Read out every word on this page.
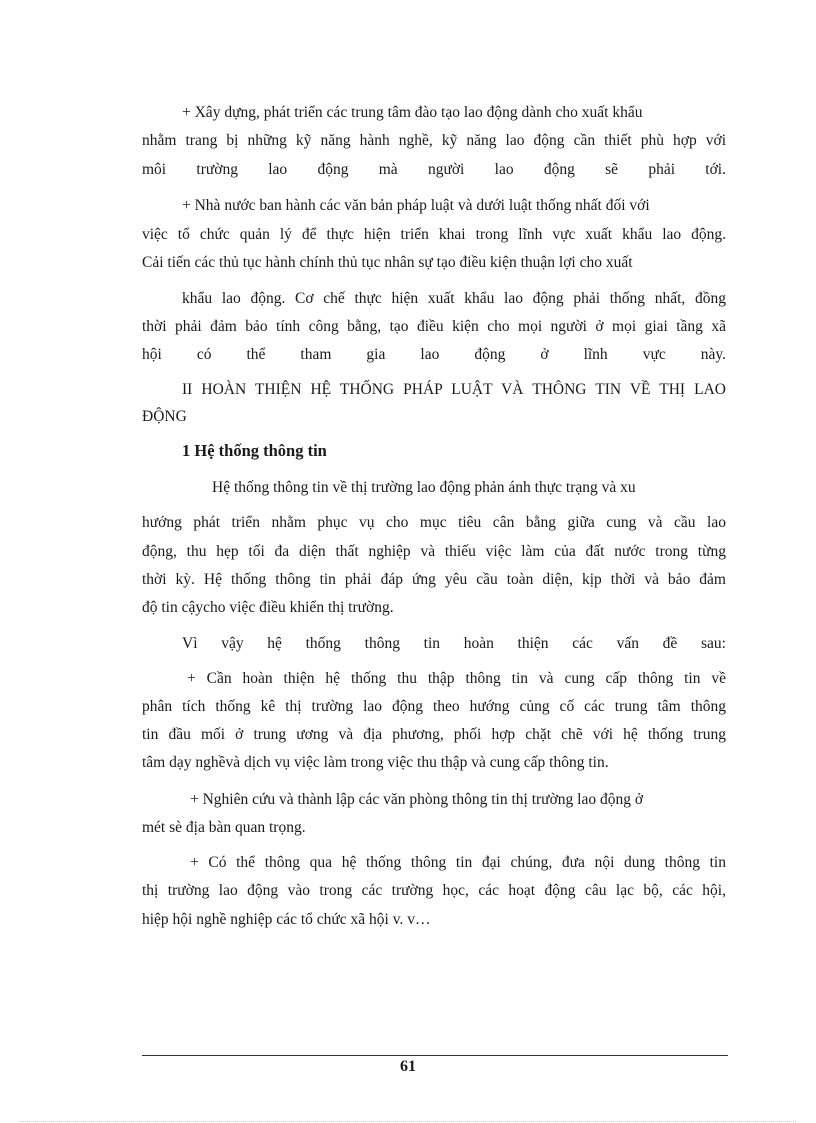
+ Xây dựng, phát triển các trung tâm đào tạo lao động dành cho xuất khẩu
nhằm trang bị những kỹ năng hành nghề, kỹ năng lao động cần thiết phù hợp với
môi trường lao động mà người lao động sẽ phải tới.
+ Nhà nước ban hành các văn bản pháp luật và dưới luật thống nhất đối với
việc tổ chức quản lý để thực hiện triển khai trong lĩnh vực xuất khẩu lao động.
Cải tiến các thủ tục hành chính thủ tục nhân sự tạo điều kiện thuận lợi cho xuất
khẩu lao động. Cơ chế thực hiện xuất khẩu lao động phải thống nhất, đồng
thời phải đảm bảo tính công bằng, tạo điều kiện cho mọi người ở mọi giai tầng xã
hội có thể tham gia lao động ở lĩnh vực này.
II HOÀN THIỆN HỆ THỐNG PHÁP LUẬT VÀ THÔNG TIN VỀ THỊ LAO
ĐỘNG
1 Hệ thống thông tin
Hệ thống thông tin về thị trường lao động phản ánh thực trạng và xu
hướng phát triển nhằm phục vụ cho mục tiêu cân bằng giữa cung và cầu lao
động, thu hẹp tối đa diện thất nghiệp và thiếu việc làm của đất nước trong từng
thời kỳ. Hệ thống thông tin phải đáp ứng yêu cầu toàn diện, kịp thời và bảo đảm
độ tin cậycho việc điều khiển thị trường.
Vì vậy hệ thống thông tin hoàn thiện các vấn đề sau:
+ Cần hoàn thiện hệ thống thu thập thông tin và cung cấp thông tin về
phân tích thống kê thị trường lao động theo hướng củng cố các trung tâm thông
tin đầu mối ở trung ương và địa phương, phối hợp chặt chẽ với hệ thống trung
tâm dạy nghềvà dịch vụ việc làm trong việc thu thập và cung cấp thông tin.
+ Nghiên cứu và thành lập các văn phòng thông tin thị trường lao động ở
mét sè địa bàn quan trọng.
+ Có thể thông qua hệ thống thông tin đại chúng, đưa nội dung thông tin
thị trường lao động vào trong các trường học, các hoạt động câu lạc bộ, các hội,
hiệp hội nghề nghiệp các tổ chức xã hội v. v…
61
